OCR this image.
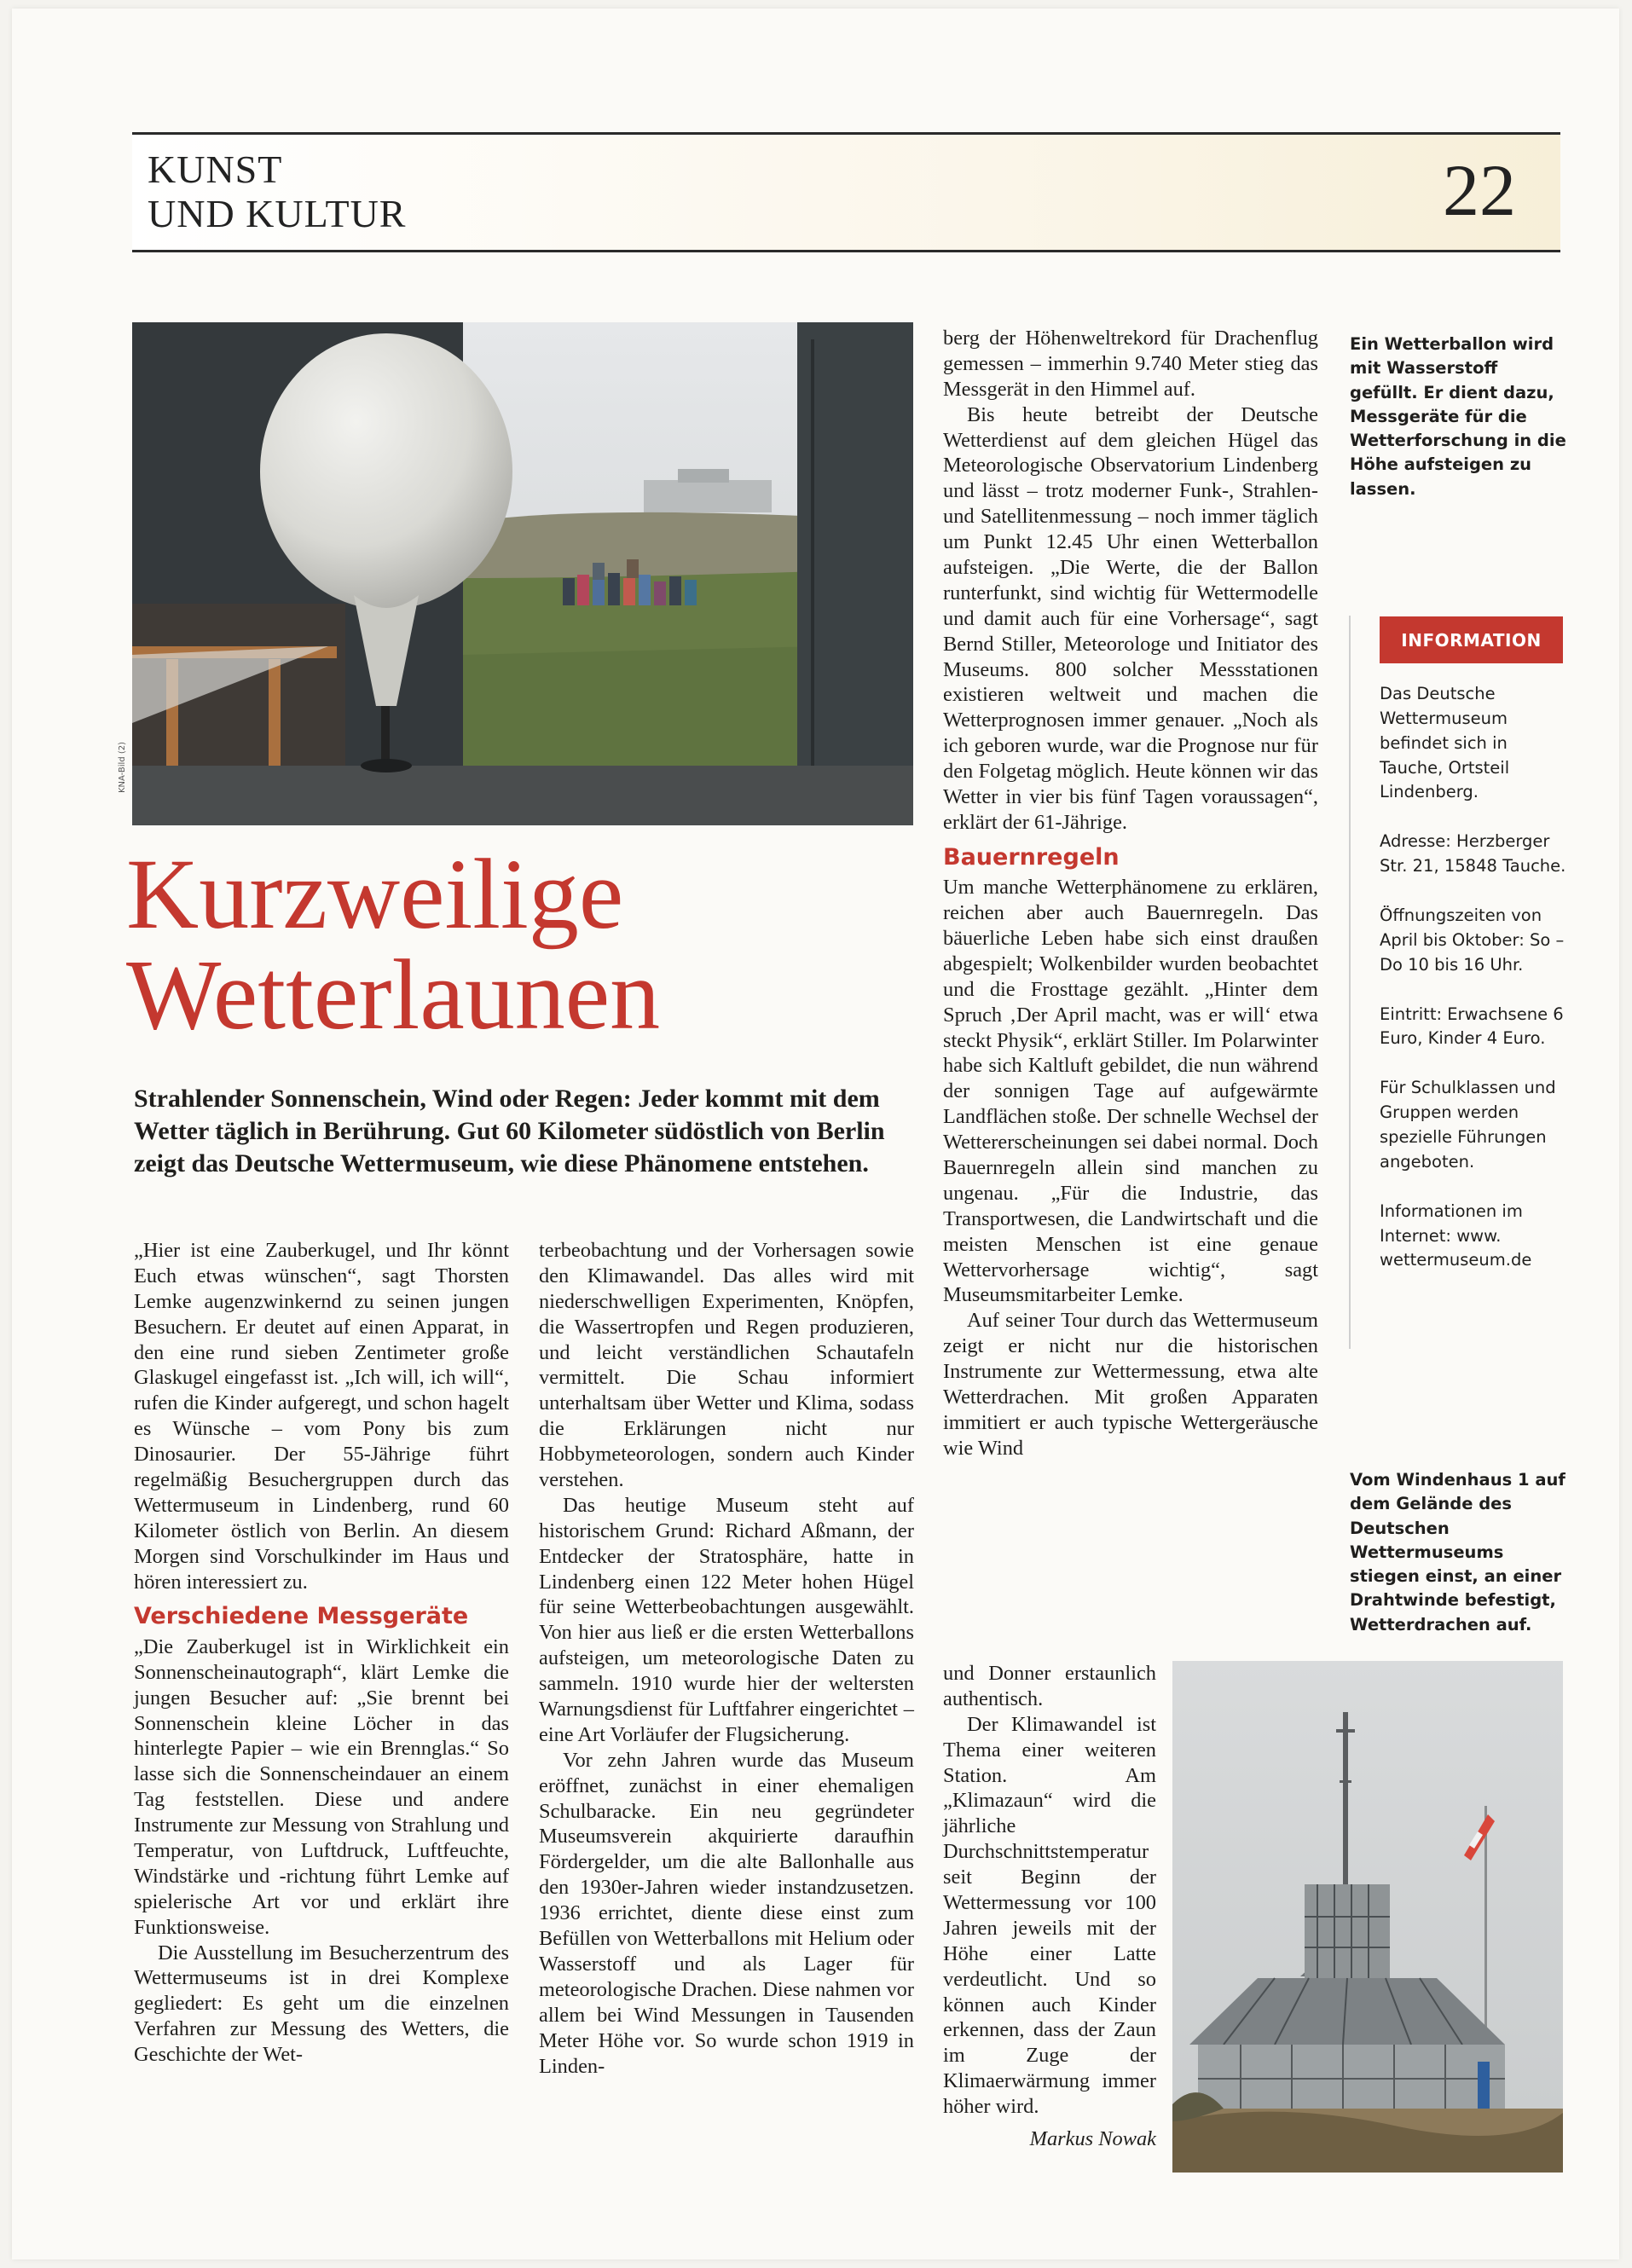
KUNST
UND KULTUR	22
KNA-Bild (2)
Kurzweilige
Wetterlaunen

Strahlender Sonnenschein, Wind oder Regen: Jeder kommt mit dem Wetter täglich in Berührung. Gut 60 Kilometer südöstlich von Berlin zeigt das Deutsche Wettermuseum, wie diese Phänomene entstehen.

„Hier ist eine Zauberkugel, und Ihr könnt Euch etwas wünschen“, sagt Thorsten Lemke augenzwinkernd zu seinen jungen Besuchern. Er deutet auf einen Apparat, in den eine rund sieben Zentimeter große Glaskugel eingefasst ist. „Ich will, ich will“, rufen die Kinder aufgeregt, und schon hagelt es Wünsche – vom Pony bis zum Dinosaurier. Der 55-Jährige führt regelmäßig Besuchergruppen durch das Wettermuseum in Lindenberg, rund 60 Kilometer östlich von Berlin. An diesem Morgen sind Vorschulkinder im Haus und hören interessiert zu.

Verschiedene Messgeräte

„Die Zauberkugel ist in Wirklichkeit ein Sonnenscheinautograph“, klärt Lemke die jungen Besucher auf: „Sie brennt bei Sonnenschein kleine Löcher in das hinterlegte Papier – wie ein Brennglas.“ So lasse sich die Sonnenscheindauer an einem Tag feststellen. Diese und andere Instrumente zur Messung von Strahlung und Temperatur, von Luftdruck, Luftfeuchte, Windstärke und -richtung führt Lemke auf spielerische Art vor und erklärt ihre Funktionsweise.

Die Ausstellung im Besucherzentrum des Wettermuseums ist in drei Komplexe gegliedert: Es geht um die einzelnen Verfahren zur Messung des Wetters, die Geschichte der Wet-

terbeobachtung und der Vorhersagen sowie den Klimawandel. Das alles wird mit niederschwelligen Experimenten, Knöpfen, die Wassertropfen und Regen produzieren, und leicht verständlichen Schautafeln vermittelt. Die Schau informiert unterhaltsam über Wetter und Klima, sodass die Erklärungen nicht nur Hobbymeteorologen, sondern auch Kinder verstehen.

Das heutige Museum steht auf historischem Grund: Richard Aßmann, der Entdecker der Stratosphäre, hatte in Lindenberg einen 122 Meter hohen Hügel für seine Wetterbeobachtungen ausgewählt. Von hier aus ließ er die ersten Wetterballons aufsteigen, um meteorologische Daten zu sammeln. 1910 wurde hier der weltersten Warnungsdienst für Luftfahrer eingerichtet – eine Art Vorläufer der Flugsicherung.

Vor zehn Jahren wurde das Museum eröffnet, zunächst in einer ehemaligen Schulbaracke. Ein neu gegründeter Museumsverein akquirierte daraufhin Fördergelder, um die alte Ballonhalle aus den 1930er-Jahren wieder instandzusetzen. 1936 errichtet, diente diese einst zum Befüllen von Wetterballons mit Helium oder Wasserstoff und als Lager für meteorologische Drachen. Diese nahmen vor allem bei Wind Messungen in Tausenden Meter Höhe vor. So wurde schon 1919 in Linden-

berg der Höhenweltrekord für Drachenflug gemessen – immerhin 9.740 Meter stieg das Messgerät in den Himmel auf.

Bis heute betreibt der Deutsche Wetterdienst auf dem gleichen Hügel das Meteorologische Observatorium Lindenberg und lässt – trotz moderner Funk-, Strahlen- und Satellitenmessung – noch immer täglich um Punkt 12.45 Uhr einen Wetterballon aufsteigen. „Die Werte, die der Ballon runterfunkt, sind wichtig für Wettermodelle und damit auch für eine Vorhersage“, sagt Bernd Stiller, Meteorologe und Initiator des Museums. 800 solcher Messstationen existieren weltweit und machen die Wetterprognosen immer genauer. „Noch als ich geboren wurde, war die Prognose nur für den Folgetag möglich. Heute können wir das Wetter in vier bis fünf Tagen voraussagen“, erklärt der 61-Jährige.

Bauernregeln

Um manche Wetterphänomene zu erklären, reichen aber auch Bauernregeln. Das bäuerliche Leben habe sich einst draußen abgespielt; Wolkenbilder wurden beobachtet und die Frosttage gezählt. „Hinter dem Spruch ‚Der April macht, was er will‘ etwa steckt Physik“, erklärt Stiller. Im Polarwinter habe sich Kaltluft gebildet, die nun während der sonnigen Tage auf aufgewärmte Landflächen stoße. Der schnelle Wechsel der Wettererscheinungen sei dabei normal. Doch Bauernregeln allein sind manchen zu ungenau. „Für die Industrie, das Transportwesen, die Landwirtschaft und die meisten Menschen ist eine genaue Wettervorhersage wichtig“, sagt Museumsmitarbeiter Lemke.

Auf seiner Tour durch das Wettermuseum zeigt er nicht nur die historischen Instrumente zur Wettermessung, etwa alte Wetterdrachen. Mit großen Apparaten immitiert er auch typische Wettergeräusche wie Wind

und Donner erstaunlich authentisch.

Der Klimawandel ist Thema einer weiteren Station. Am „Klimazaun“ wird die jährliche Durchschnittstemperatur seit Beginn der Wettermessung vor 100 Jahren jeweils mit der Höhe einer Latte verdeutlicht. Und so können auch Kinder erkennen, dass der Zaun im Zuge der Klimaerwärmung immer höher wird.

Markus Nowak

Ein Wetterballon wird mit Wasserstoff gefüllt. Er dient dazu, Messgeräte für die Wetterforschung in die Höhe aufsteigen zu lassen.

Vom Windenhaus 1 auf dem Gelände des Deutschen Wettermuseums stiegen einst, an einer Drahtwinde befestigt, Wetterdrachen auf.

INFORMATION

Das Deutsche Wettermuseum befindet sich in Tauche, Ortsteil Lindenberg.

Adresse: Herzberger Str. 21, 15848 Tauche.

Öffnungszeiten von April bis Oktober: So – Do 10 bis 16 Uhr.

Eintritt: Erwachsene 6 Euro, Kinder 4 Euro.

Für Schulklassen und Gruppen werden spezielle Führungen angeboten.

Informationen im Internet: www. wettermuseum.de
